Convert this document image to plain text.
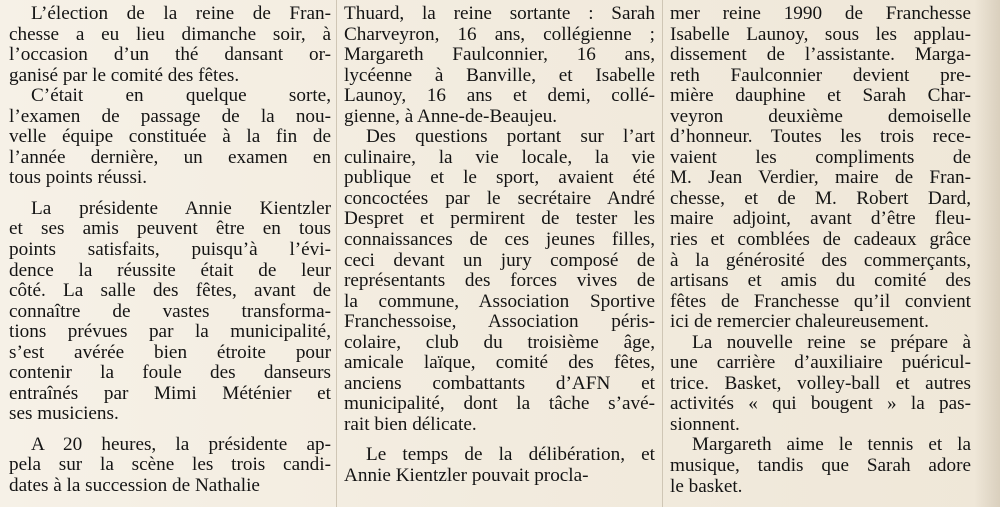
L’élection de la reine de Fran-
chesse a eu lieu dimanche soir, à
l’occasion d’un thé dansant or-
ganisé par le comité des fêtes.

C’était en quelque sorte,
l’examen de passage de la nou-
velle équipe constituée à la fin de
l’année dernière, un examen en
tous points réussi.

La présidente Annie Kientzler
et ses amis peuvent être en tous
points satisfaits, puisqu’à l’évi-
dence la réussite était de leur
côté. La salle des fêtes, avant de
connaître de vastes transforma-
tions prévues par la municipalité,
s’est avérée bien étroite pour
contenir la foule des danseurs
entraînés par Mimi Méténier et
ses musiciens.

A 20 heures, la présidente ap-
pela sur la scène les trois candi-
dates à la succession de Nathalie

Thuard, la reine sortante : Sarah
Charveyron, 16 ans, collégienne ;
Margareth Faulconnier, 16 ans,
lycéenne à Banville, et Isabelle
Launoy, 16 ans et demi, collé-
gienne, à Anne-de-Beaujeu.

Des questions portant sur l’art
culinaire, la vie locale, la vie
publique et le sport, avaient été
concoctées par le secrétaire André
Despret et permirent de tester les
connaissances de ces jeunes filles,
ceci devant un jury composé de
représentants des forces vives de
la commune, Association Sportive
Franchessoise, Association péris-
colaire, club du troisième âge,
amicale laïque, comité des fêtes,
anciens combattants d’AFN et
municipalité, dont la tâche s’avé-
rait bien délicate.

Le temps de la délibération, et
Annie Kientzler pouvait procla-

mer reine 1990 de Franchesse
Isabelle Launoy, sous les applau-
dissement de l’assistante. Marga-
reth Faulconnier devient pre-
mière dauphine et Sarah Char-
veyron deuxième demoiselle
d’honneur. Toutes les trois rece-
vaient les compliments de
M. Jean Verdier, maire de Fran-
chesse, et de M. Robert Dard,
maire adjoint, avant d’être fleu-
ries et comblées de cadeaux grâce
à la générosité des commerçants,
artisans et amis du comité des
fêtes de Franchesse qu’il convient
ici de remercier chaleureusement.

La nouvelle reine se prépare à
une carrière d’auxiliaire puéricul-
trice. Basket, volley-ball et autres
activités « qui bougent » la pas-
sionnent.

Margareth aime le tennis et la
musique, tandis que Sarah adore
le basket.
